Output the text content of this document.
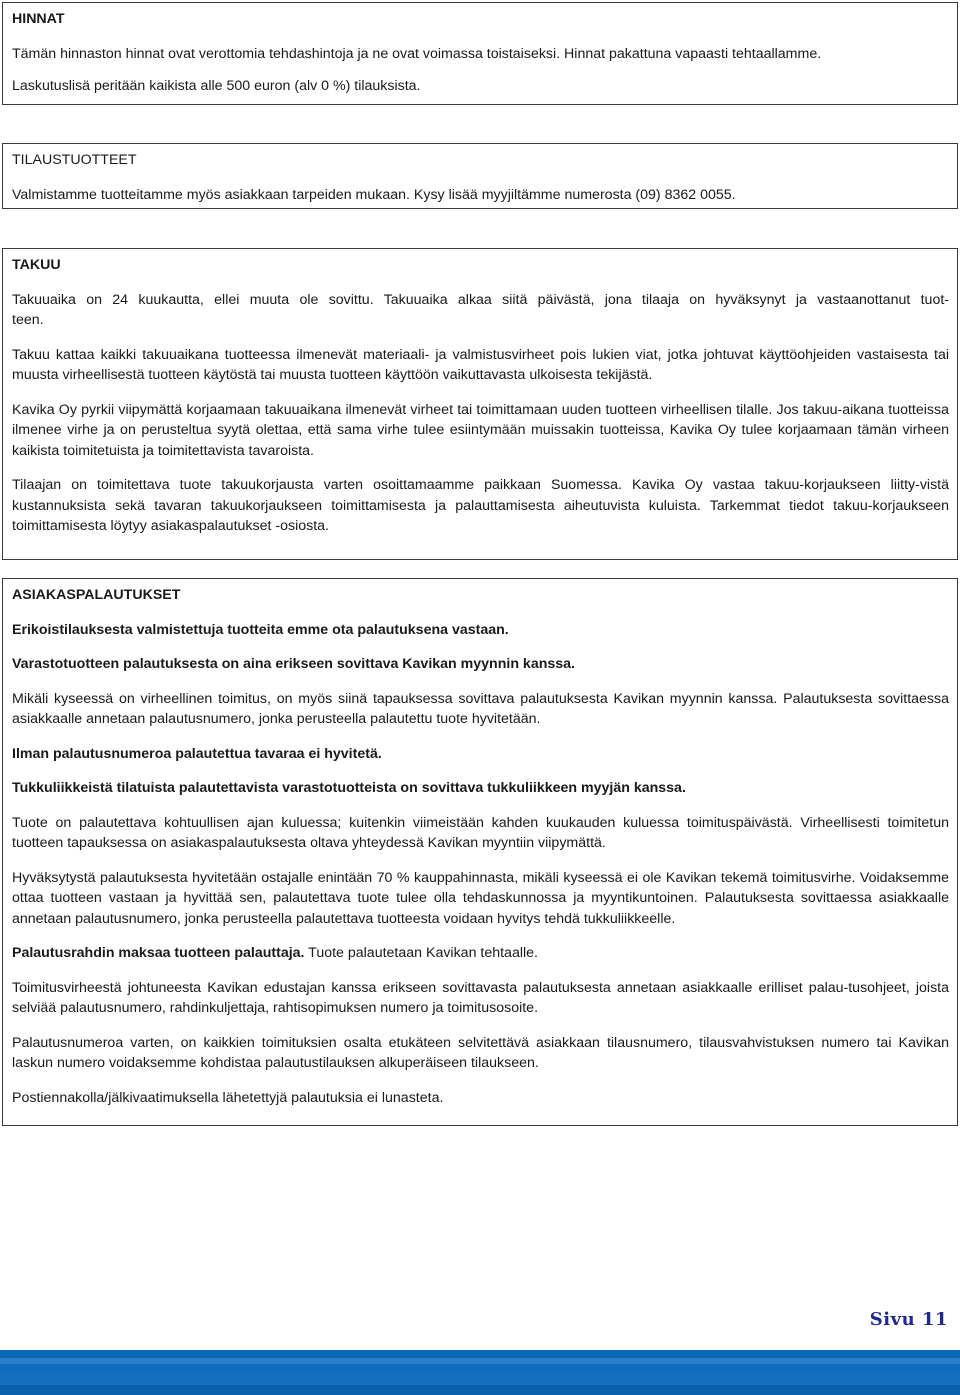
HINNAT

Tämän hinnaston hinnat ovat verottomia tehdashintoja ja ne ovat voimassa toistaiseksi. Hinnat pakattuna vapaasti tehtaallamme.

Laskutuslisä peritään kaikista alle 500 euron (alv 0 %) tilauksista.

TILAUSTUOTTEET

Valmistamme tuotteitamme myös asiakkaan tarpeiden mukaan. Kysy lisää myyjiltämme numerosta (09) 8362 0055.

TAKUU

Takuuaika on 24 kuukautta, ellei muuta ole sovittu. Takuuaika alkaa siitä päivästä, jona tilaaja on hyväksynyt ja vastaanottanut tuot-

teen.

Takuu kattaa kaikki takuuaikana tuotteessa ilmenevät materiaali- ja valmistusvirheet pois lukien viat, jotka johtuvat käyttöohjeiden vastaisesta tai muusta virheellisestä tuotteen käytöstä tai muusta tuotteen käyttöön vaikuttavasta ulkoisesta tekijästä.

Kavika Oy pyrkii viipymättä korjaamaan takuuaikana ilmenevät virheet tai toimittamaan uuden tuotteen virheellisen tilalle. Jos takuu-aikana tuotteissa ilmenee virhe ja on perusteltua syytä olettaa, että sama virhe tulee esiintymään muissakin tuotteissa, Kavika Oy tulee korjaamaan tämän virheen kaikista toimitetuista ja toimitettavista tavaroista.

Tilaajan on toimitettava tuote takuukorjausta varten osoittamaamme paikkaan Suomessa. Kavika Oy vastaa takuu-korjaukseen liitty-vistä kustannuksista sekä tavaran takuukorjaukseen toimittamisesta ja palauttamisesta aiheutuvista kuluista. Tarkemmat tiedot takuu-korjaukseen toimittamisesta löytyy asiakaspalautukset -osiosta.

ASIAKASPALAUTUKSET

Erikoistilauksesta valmistettuja tuotteita emme ota palautuksena vastaan.

Varastotuotteen palautuksesta on aina erikseen sovittava Kavikan myynnin kanssa.

Mikäli kyseessä on virheellinen toimitus, on myös siinä tapauksessa sovittava palautuksesta Kavikan myynnin kanssa. Palautuksesta sovittaessa asiakkaalle annetaan palautusnumero, jonka perusteella palautettu tuote hyvitetään.

Ilman palautusnumeroa palautettua tavaraa ei hyvitetä.

Tukkuliikkeistä tilatuista palautettavista varastotuotteista on sovittava tukkuliikkeen myyjän kanssa.

Tuote on palautettava kohtuullisen ajan kuluessa; kuitenkin viimeistään kahden kuukauden kuluessa toimituspäivästä. Virheellisesti toimitetun tuotteen tapauksessa on asiakaspalautuksesta oltava yhteydessä Kavikan myyntiin viipymättä.

Hyväksytystä palautuksesta hyvitetään ostajalle enintään 70 % kauppahinnasta, mikäli kyseessä ei ole Kavikan tekemä toimitusvirhe. Voidaksemme ottaa tuotteen vastaan ja hyvittää sen, palautettava tuote tulee olla tehdaskunnossa ja myyntikuntoinen. Palautuksesta sovittaessa asiakkaalle annetaan palautusnumero, jonka perusteella palautettava tuotteesta voidaan hyvitys tehdä tukkuliikkeelle.

Palautusrahdin maksaa tuotteen palauttaja. Tuote palautetaan Kavikan tehtaalle.

Toimitusvirheestä johtuneesta Kavikan edustajan kanssa erikseen sovittavasta palautuksesta annetaan asiakkaalle erilliset palau-tusohjeet, joista selviää palautusnumero, rahdinkuljettaja, rahtisopimuksen numero ja toimitusosoite.

Palautusnumeroa varten, on kaikkien toimituksien osalta etukäteen selvitettävä asiakkaan tilausnumero, tilausvahvistuksen numero tai Kavikan laskun numero voidaksemme kohdistaa palautustilauksen alkuperäiseen tilaukseen.

Postiennakolla/jälkivaatimuksella lähetettyjä palautuksia ei lunasteta.

Sivu 11
